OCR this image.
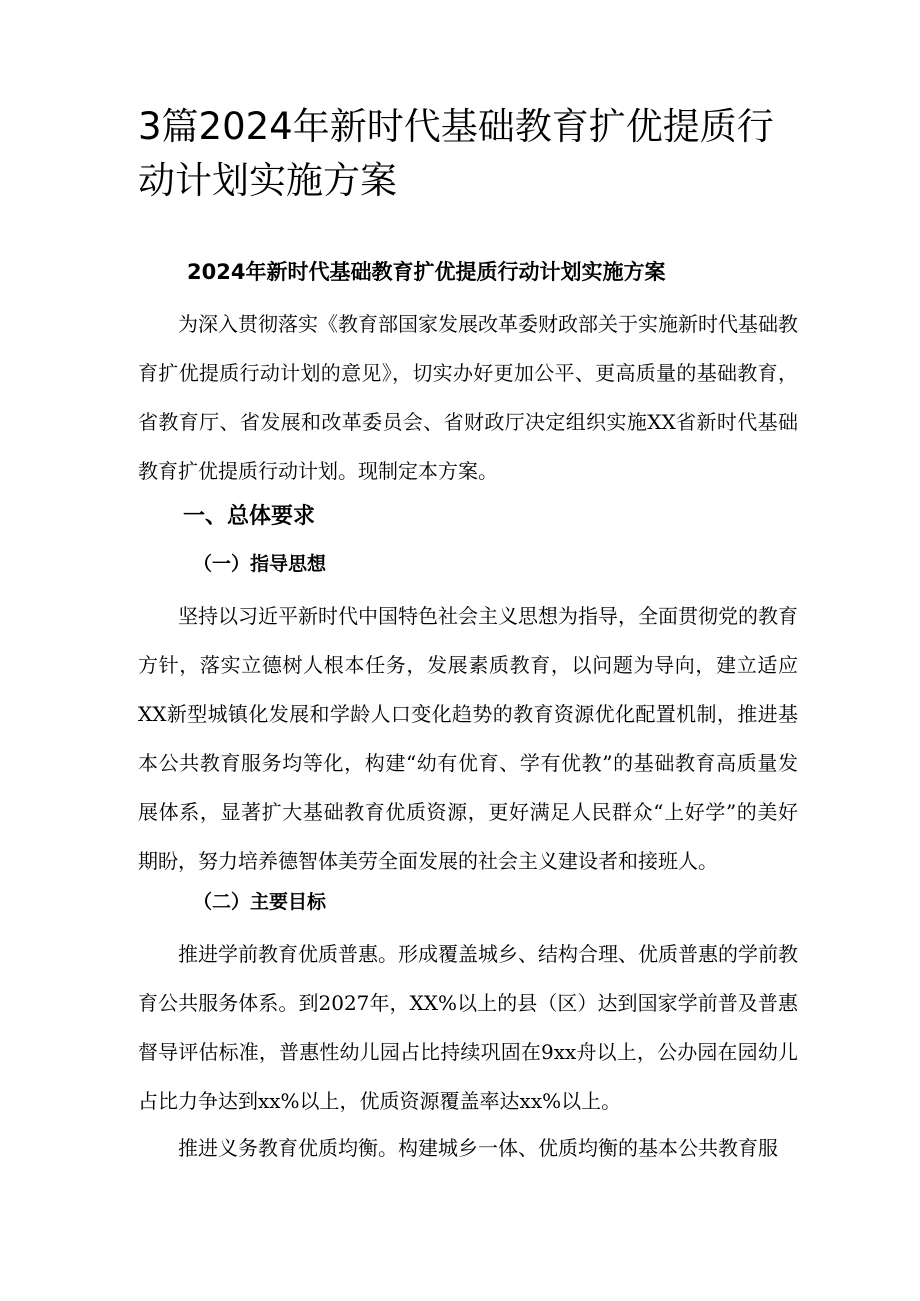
3篇2024年新时代基础教育扩优提质行动计划实施方案
2024年新时代基础教育扩优提质行动计划实施方案

为深入贯彻落实《教育部国家发展改革委财政部关于实施新时代基础教育扩优提质行动计划的意见》，切实办好更加公平、更高质量的基础教育，省教育厅、省发展和改革委员会、省财政厅决定组织实施XX省新时代基础教育扩优提质行动计划。现制定本方案。

一、总体要求
（一）指导思想

坚持以习近平新时代中国特色社会主义思想为指导，全面贯彻党的教育方针，落实立德树人根本任务，发展素质教育，以问题为导向，建立适应XX新型城镇化发展和学龄人口变化趋势的教育资源优化配置机制，推进基本公共教育服务均等化，构建“幼有优育、学有优教”的基础教育高质量发展体系，显著扩大基础教育优质资源，更好满足人民群众“上好学”的美好期盼，努力培养德智体美劳全面发展的社会主义建设者和接班人。

（二）主要目标

推进学前教育优质普惠。形成覆盖城乡、结构合理、优质普惠的学前教育公共服务体系。到2027年，XX%以上的县（区）达到国家学前普及普惠督导评估标准，普惠性幼儿园占比持续巩固在9xx舟以上，公办园在园幼儿占比力争达到xx%以上，优质资源覆盖率达xx%以上。

推进义务教育优质均衡。构建城乡一体、优质均衡的基本公共教育服
